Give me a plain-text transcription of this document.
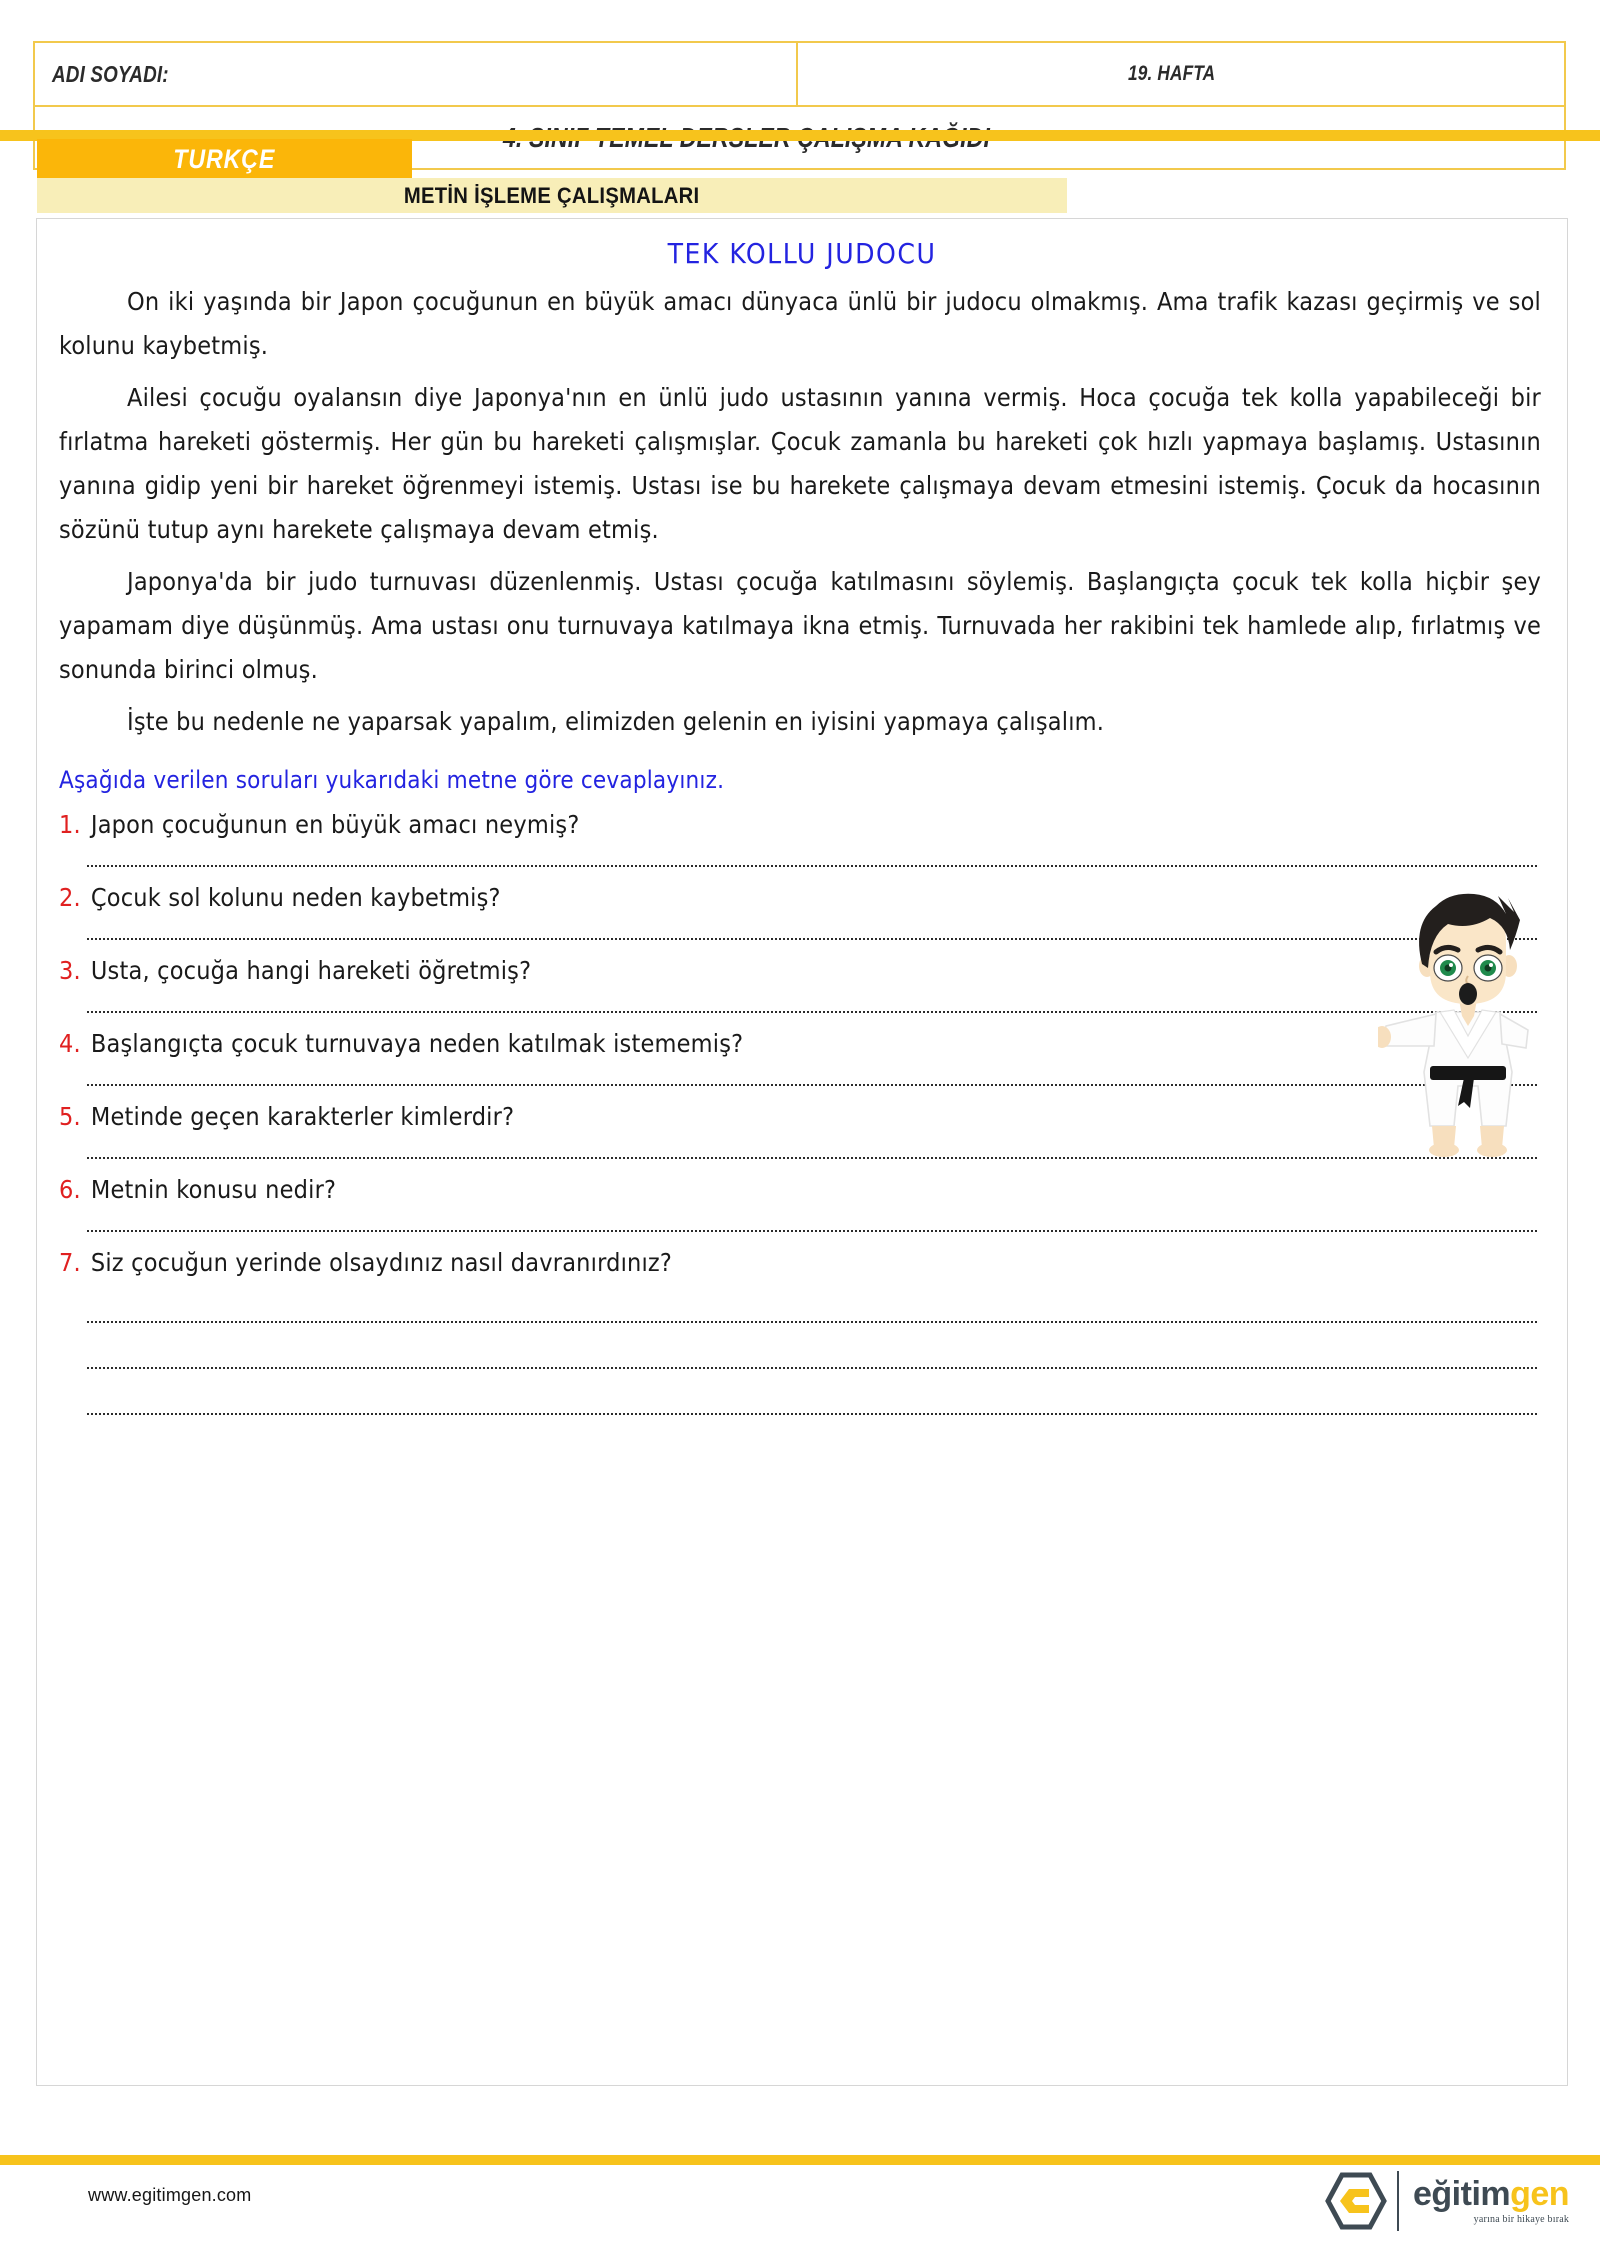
ADI SOYADI:	19. HAFTA
TURKÇE
METİN İŞLEME ÇALIŞMALARI
TEK KOLLU JUDOCU

On iki yaşında bir Japon çocuğunun en büyük amacı dünyaca ünlü bir judocu olmakmış. Ama trafik kazası geçirmiş ve sol kolunu kaybetmiş.

Ailesi çocuğu oyalansın diye Japonya'nın en ünlü judo ustasının yanına vermiş. Hoca çocuğa tek kolla yapabileceği bir fırlatma hareketi göstermiş. Her gün bu hareketi çalışmışlar. Çocuk zamanla bu hareketi çok hızlı yapmaya başlamış. Ustasının yanına gidip yeni bir hareket öğrenmeyi istemiş. Ustası ise bu harekete çalışmaya devam etmesini istemiş. Çocuk da hocasının sözünü tutup aynı harekete çalışmaya devam etmiş.

Japonya'da bir judo turnuvası düzenlenmiş. Ustası çocuğa katılmasını söylemiş. Başlangıçta çocuk tek kolla hiçbir şey yapamam diye düşünmüş. Ama ustası onu turnuvaya katılmaya ikna etmiş. Turnuvada her rakibini tek hamlede alıp, fırlatmış ve sonunda birinci olmuş.

İşte bu nedenle ne yaparsak yapalım, elimizden gelenin en iyisini yapmaya çalışalım.

Aşağıda verilen soruları yukarıdaki metne göre cevaplayınız.
1. Japon çocuğunun en büyük amacı neymiş?
2. Çocuk sol kolunu neden kaybetmiş?
3. Usta, çocuğa hangi hareketi öğretmiş?
4. Başlangıçta çocuk turnuvaya neden katılmak istememiş?
5. Metinde geçen karakterler kimlerdir?
6. Metnin konusu nedir?
7. Siz çocuğun yerinde olsaydınız nasıl davranırdınız?
www.egitimgen.com	eğitimgen
yarına bir hikaye bırak
